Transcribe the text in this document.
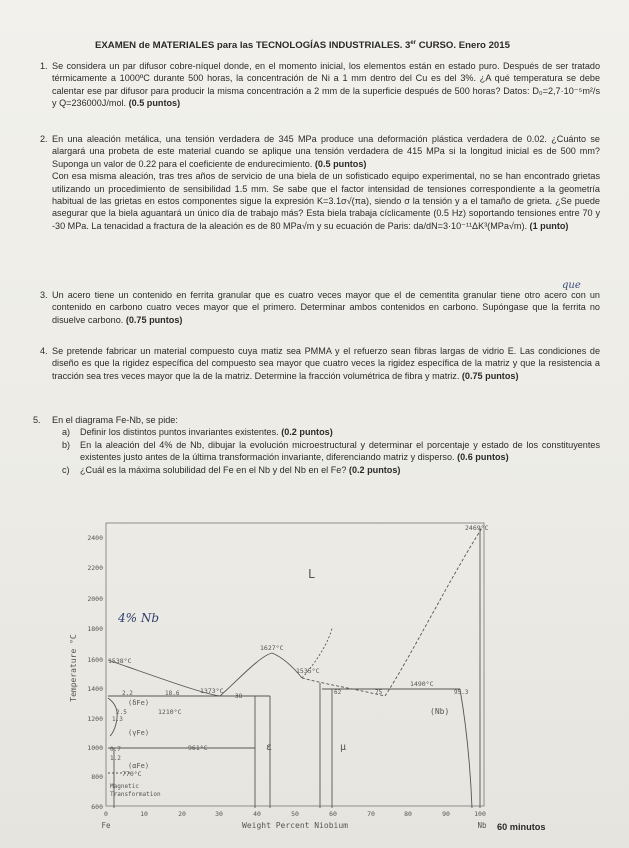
EXAMEN de MATERIALES para las TECNOLOGÍAS INDUSTRIALES. 3er CURSO. Enero 2015
1. Se considera un par difusor cobre-níquel donde, en el momento inicial, los elementos están en estado puro. Después de ser tratado térmicamente a 1000ºC durante 500 horas, la concentración de Ni a 1 mm dentro del Cu es del 3%. ¿A qué temperatura se debe calentar ese par difusor para producir la misma concentración a 2 mm de la superficie después de 500 horas? Datos: D₀=2,7·10⁻⁵m²/s y Q=236000J/mol. (0.5 puntos)
2. En una aleación metálica, una tensión verdadera de 345 MPa produce una deformación plástica verdadera de 0.02. ¿Cuánto se alargará una probeta de este material cuando se aplique una tensión verdadera de 415 MPa si la longitud inicial es de 500 mm? Suponga un valor de 0.22 para el coeficiente de endurecimiento. (0.5 puntos)
Con esa misma aleación, tras tres años de servicio de una biela de un sofisticado equipo experimental, no se han encontrado grietas utilizando un procedimiento de sensibilidad 1.5 mm. Se sabe que el factor intensidad de tensiones correspondiente a la geometría habitual de las grietas en estos componentes sigue la expresión K=3.1σ√(πa), siendo σ la tensión y a el tamaño de grieta. ¿Se puede asegurar que la biela aguantará un único día de trabajo más? Esta biela trabaja cíclicamente (0.5 Hz) soportando tensiones entre 70 y -30 MPa. La tenacidad a fractura de la aleación es de 80 MPa√m y su ecuación de Paris: da/dN=3·10⁻¹¹ΔK³(MPa√m). (1 punto)
3. Un acero tiene un contenido en ferrita granular que es cuatro veces mayor que el de cementita granular tiene otro acero con un contenido en carbono cuatro veces mayor que el primero. Determinar ambos contenidos en carbono. Supóngase que la ferrita no disuelve carbono. (0.75 puntos)
que
4. Se pretende fabricar un material compuesto cuya matiz sea PMMA y el refuerzo sean fibras largas de vidrio E. Las condiciones de diseño es que la rigidez específica del compuesto sea mayor que cuatro veces la rigidez específica de la matriz y que la resistencia a tracción sea tres veces mayor que la de la matriz. Determine la fracción volumétrica de fibra y matriz. (0.75 puntos)
5. En el diagrama Fe-Nb, se pide:
a) Definir los distintos puntos invariantes existentes. (0.2 puntos)
b) En la aleación del 4% de Nb, dibujar la evolución microestructural y determinar el porcentaje y estado de los constituyentes existentes justo antes de la última transformación invariante, diferenciando matriz y disperso. (0.6 puntos)
c) ¿Cuál es la máxima solubilidad del Fe en el Nb y del Nb en el Fe? (0.2 puntos)
Temperature °C
2400
2200
2000
1800
1600
1400
1200
1000
800
600
0	10	20	30	40	50	60	70	80	90	100
Fe	Weight Percent Niobium	Nb
2469°C
L
1627°C
1538°C
1535°C
1373°C
1490°C
1210°C
961°C
770°C
2.2	18.6	38
62	75	95.3
2.5
1.3
0.7
1.2
(δFe)
(γFe)
(αFe)
(Nb)
ε	μ
Magnetic
Transformation
4% Nb
60 minutos
